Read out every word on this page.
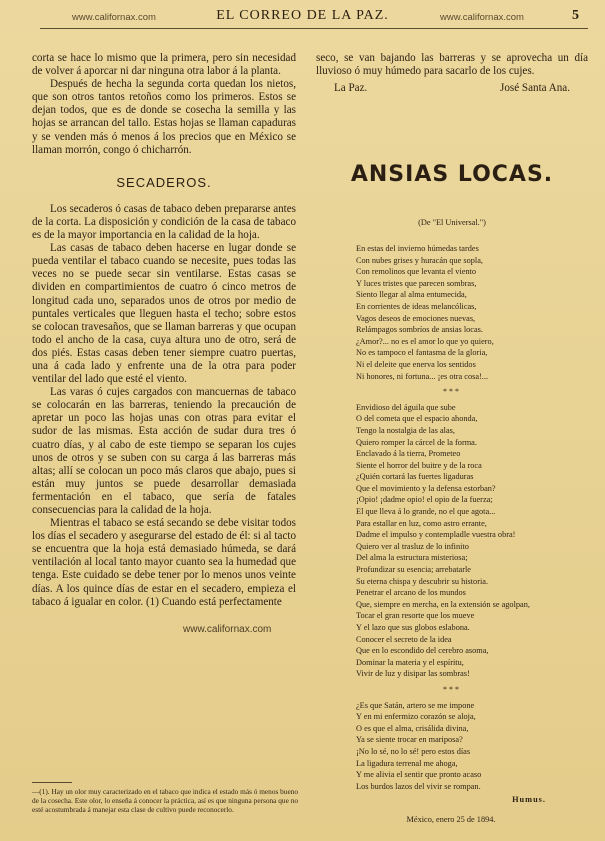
www.californax.com	EL CORREO DE LA PAZ.	www.californax.com	5

corta se hace lo mismo que la primera, pero sin necesidad de volver á aporcar ni dar ninguna otra labor á la planta.

Después de hecha la segunda corta quedan los nietos, que son otros tantos retoños como los primeros. Estos se dejan todos, que es de donde se cosecha la semilla y las hojas se arrancan del tallo. Estas hojas se llaman capaduras y se venden más ó menos á los precios que en México se llaman morrón, congo ó chicharrón.

SECADEROS.

Los secaderos ó casas de tabaco deben prepararse antes de la corta. La disposición y condición de la casa de tabaco es de la mayor importancia en la calidad de la hoja.

Las casas de tabaco deben hacerse en lugar donde se pueda ventilar el tabaco cuando se necesite, pues todas las veces no se puede secar sin ventilarse. Estas casas se dividen en compartimientos de cuatro ó cinco metros de longitud cada uno, separados unos de otros por medio de puntales verticales que lleguen hasta el techo; sobre estos se colocan travesaños, que se llaman barreras y que ocupan todo el ancho de la casa, cuya altura uno de otro, será de dos piés. Estas casas deben tener siempre cuatro puertas, una á cada lado y enfrente una de la otra para poder ventilar del lado que esté el viento.

Las varas ó cujes cargados con mancuernas de tabaco se colocarán en las barreras, teniendo la precaución de apretar un poco las hojas unas con otras para evitar el sudor de las mismas. Esta acción de sudar dura tres ó cuatro días, y al cabo de este tiempo se separan los cujes unos de otros y se suben con su carga á las barreras más altas; allí se colocan un poco más claros que abajo, pues si están muy juntos se puede desarrollar demasiada fermentación en el tabaco, que sería de fatales consecuencias para la calidad de la hoja.

Mientras el tabaco se está secando se debe visitar todos los días el secadero y asegurarse del estado de él: si al tacto se encuentra que la hoja está demasiado húmeda, se dará ventilación al local tanto mayor cuanto sea la humedad que tenga. Este cuidado se debe tener por lo menos unos veinte días. A los quince días de estar en el secadero, empieza el tabaco á igualar en color. (1) Cuando está perfectamente

www.californax.com
—(1). Hay un olor muy caracterizado en el tabaco que indica el estado más ó menos bueno de la cosecha. Este olor, lo enseña á conocer la práctica, así es que ninguna persona que no esté acostumbrada á manejar esta clase de cultivo puede reconocerlo.

seco, se van bajando las barreras y se aprovecha un día lluvioso ó muy húmedo para sacarlo de los cujes.

La Paz.	José Santa Ana.
ANSIAS LOCAS.
(De "El Universal.")
En estas del invierno húmedas tardes
Con nubes grises y huracán que sopla,
Con remolinos que levanta el viento
Y luces tristes que parecen sombras,
Siento llegar al alma entumecida,
En corrientes de ideas melancólicas,
Vagos deseos de emociones nuevas,
Relámpagos sombríos de ansias locas.
¿Amor?... no es el amor lo que yo quiero,
No es tampoco el fantasma de la gloria,
Ni el deleite que enerva los sentidos
Ni honores, ni fortuna... ¡es otra cosa!...
* * *
Envidioso del águila que sube
O del cometa que el espacio ahonda,
Tengo la nostalgia de las alas,
Quiero romper la cárcel de la forma.
Enclavado á la tierra, Prometeo
Siente el horror del buitre y de la roca
¿Quién cortará las fuertes ligaduras
Que el movimiento y la defensa estorban?
¡Opio! ¡dadme opio! el opio de la fuerza;
El que lleva á lo grande, no el que agota...
Para estallar en luz, como astro errante,
Dadme el impulso y contempladle vuestra obra!
Quiero ver al trasluz de lo infinito
Del alma la estructura misteriosa;
Profundizar su esencia; arrebatarle
Su eterna chispa y descubrir su historia.
Penetrar el arcano de los mundos
Que, siempre en mercha, en la extensión se agolpan,
Tocar el gran resorte que los mueve
Y el lazo que sus globos eslabona.
Conocer el secreto de la idea
Que en lo escondido del cerebro asoma,
Dominar la materia y el espíritu,
Vivir de luz y disipar las sombras!
* * *
¿Es que Satán, artero se me impone
Y en mi enfermizo corazón se aloja,
O es que el alma, crisálida divina,
Ya se siente trocar en mariposa?
¡No lo sé, no lo sé! pero estos días
La ligadura terrenal me ahoga,
Y me alivia el sentir que pronto acaso
Los burdos lazos del vivir se rompan.
Humus.
México, enero 25 de 1894.
